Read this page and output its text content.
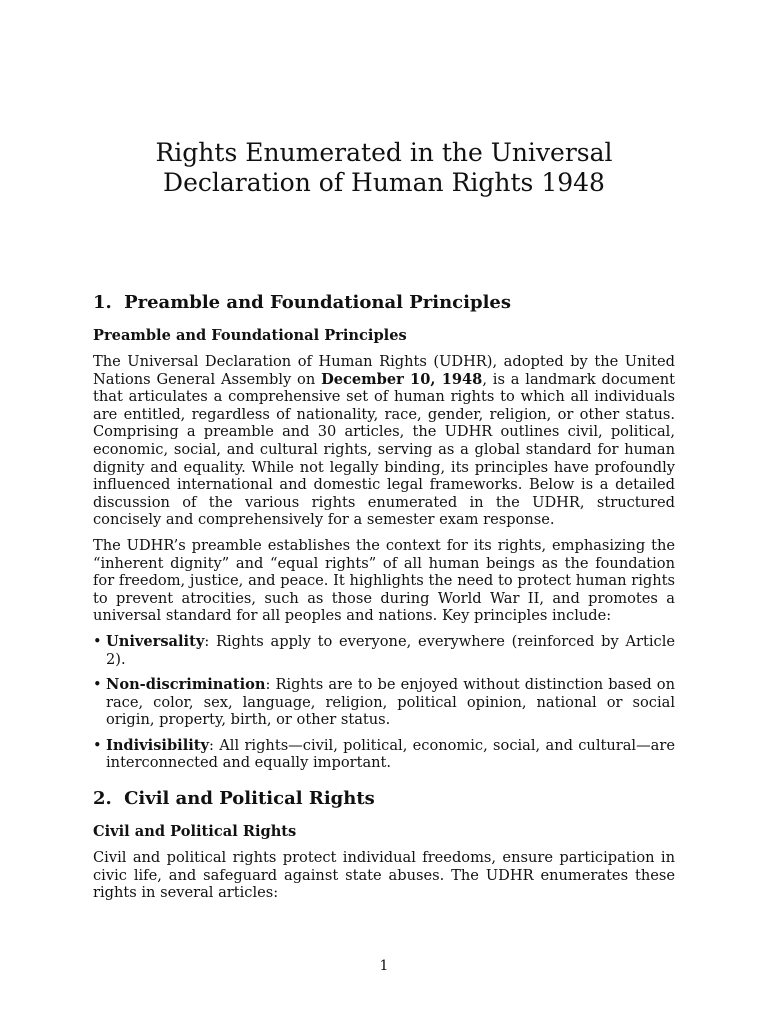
Rights Enumerated in the Universal
Declaration of Human Rights 1948
1. Preamble and Foundational Principles
Preamble and Foundational Principles

The Universal Declaration of Human Rights (UDHR), adopted by the United Nations General Assembly on December 10, 1948, is a landmark document that articulates a comprehensive set of human rights to which all individuals are entitled, regardless of nationality, race, gender, religion, or other status. Comprising a preamble and 30 articles, the UDHR outlines civil, political, economic, social, and cultural rights, serving as a global standard for human dignity and equality. While not legally binding, its principles have profoundly influenced international and domestic legal frameworks. Below is a detailed discussion of the various rights enumerated in the UDHR, structured concisely and comprehensively for a semester exam response.

The UDHR’s preamble establishes the context for its rights, emphasizing the “inherent dignity” and “equal rights” of all human beings as the foundation for freedom, justice, and peace. It highlights the need to protect human rights to prevent atrocities, such as those during World War II, and promotes a universal standard for all peoples and nations. Key principles include:

• Universality: Rights apply to everyone, everywhere (reinforced by Article 2).
• Non-discrimination: Rights are to be enjoyed without distinction based on race, color, sex, language, religion, political opinion, national or social origin, property, birth, or other status.
• Indivisibility: All rights—civil, political, economic, social, and cultural—are interconnected and equally important.
2. Civil and Political Rights
Civil and Political Rights

Civil and political rights protect individual freedoms, ensure participation in civic life, and safeguard against state abuses. The UDHR enumerates these rights in several articles:

1
